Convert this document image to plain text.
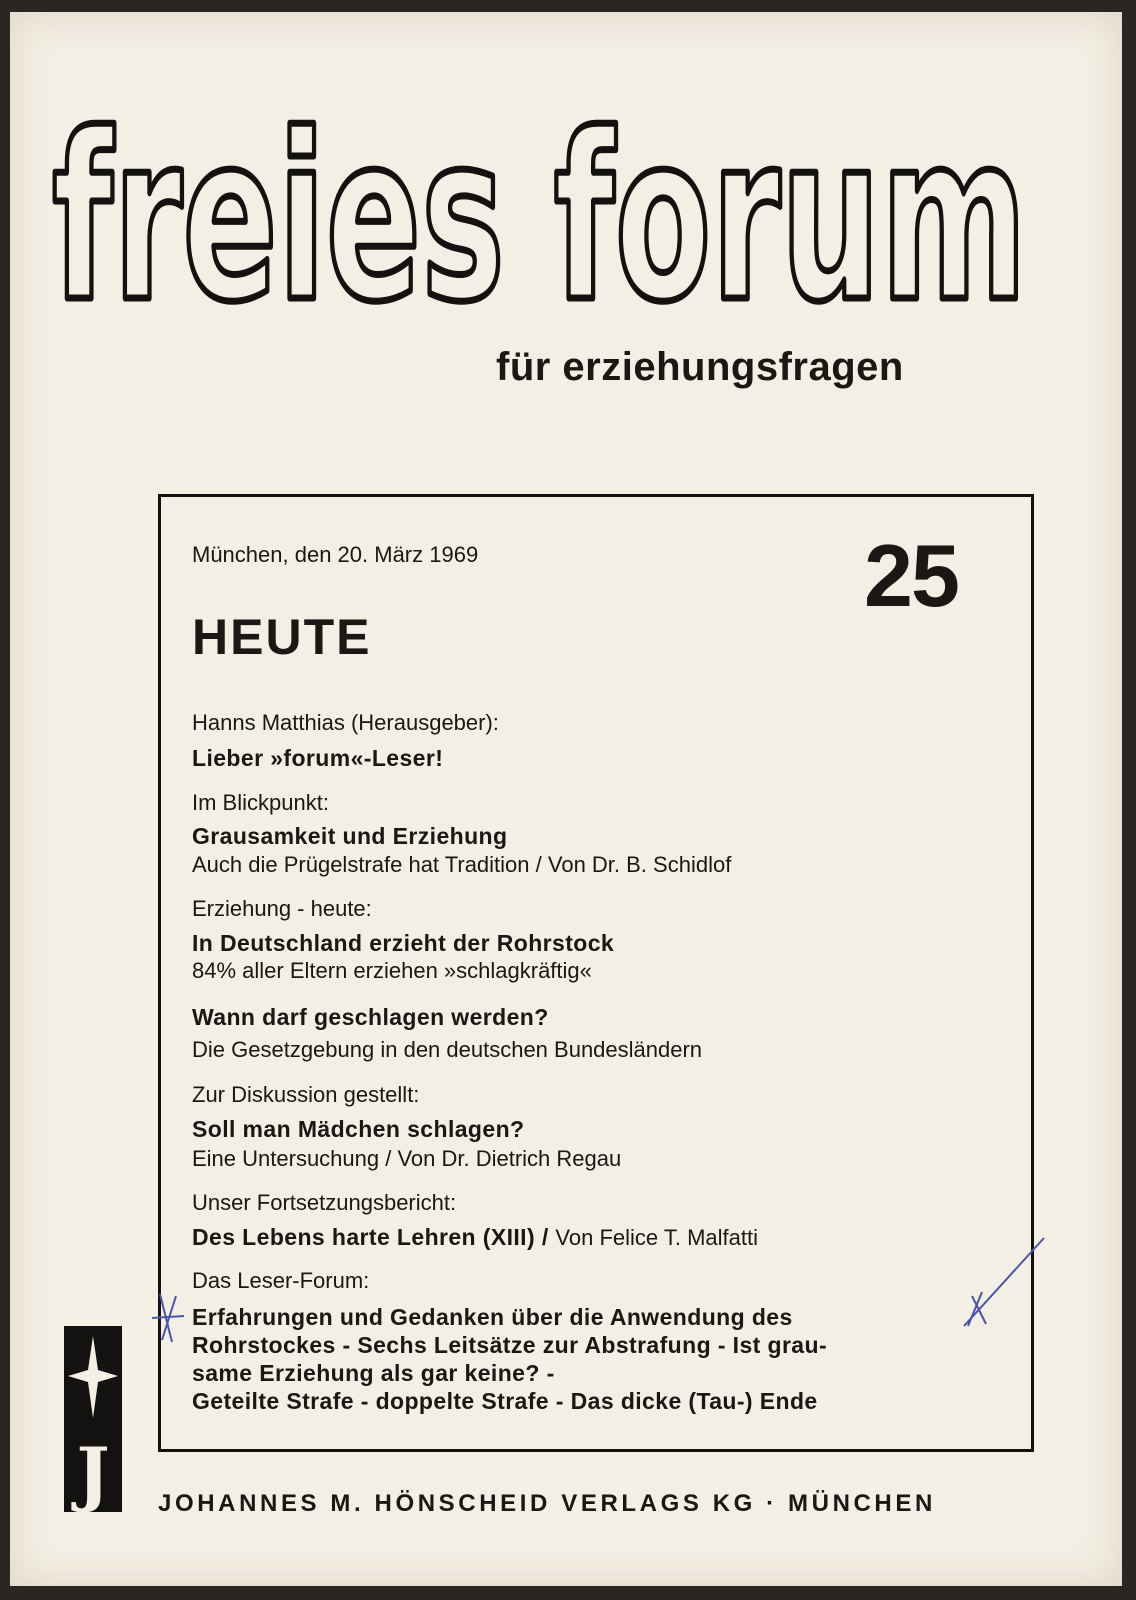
freies forum
für erziehungsfragen
25
München, den 20. März 1969
HEUTE
Hanns Matthias (Herausgeber):
Lieber »forum«-Leser!
Im Blickpunkt:
Grausamkeit und Erziehung
Auch die Prügelstrafe hat Tradition / Von Dr. B. Schidlof
Erziehung - heute:
In Deutschland erzieht der Rohrstock
84% aller Eltern erziehen »schlagkräftig«
Wann darf geschlagen werden?
Die Gesetzgebung in den deutschen Bundesländern
Zur Diskussion gestellt:
Soll man Mädchen schlagen?
Eine Untersuchung / Von Dr. Dietrich Regau
Unser Fortsetzungsbericht:
Des Lebens harte Lehren (XIII) / Von Felice T. Malfatti
Das Leser-Forum:
Erfahrungen und Gedanken über die Anwendung des
Rohrstockes - Sechs Leitsätze zur Abstrafung - Ist grau-
same Erziehung als gar keine? -
Geteilte Strafe - doppelte Strafe - Das dicke (Tau-) Ende
J JOHANNES M. HÖNSCHEID VERLAGS KG · MÜNCHEN
